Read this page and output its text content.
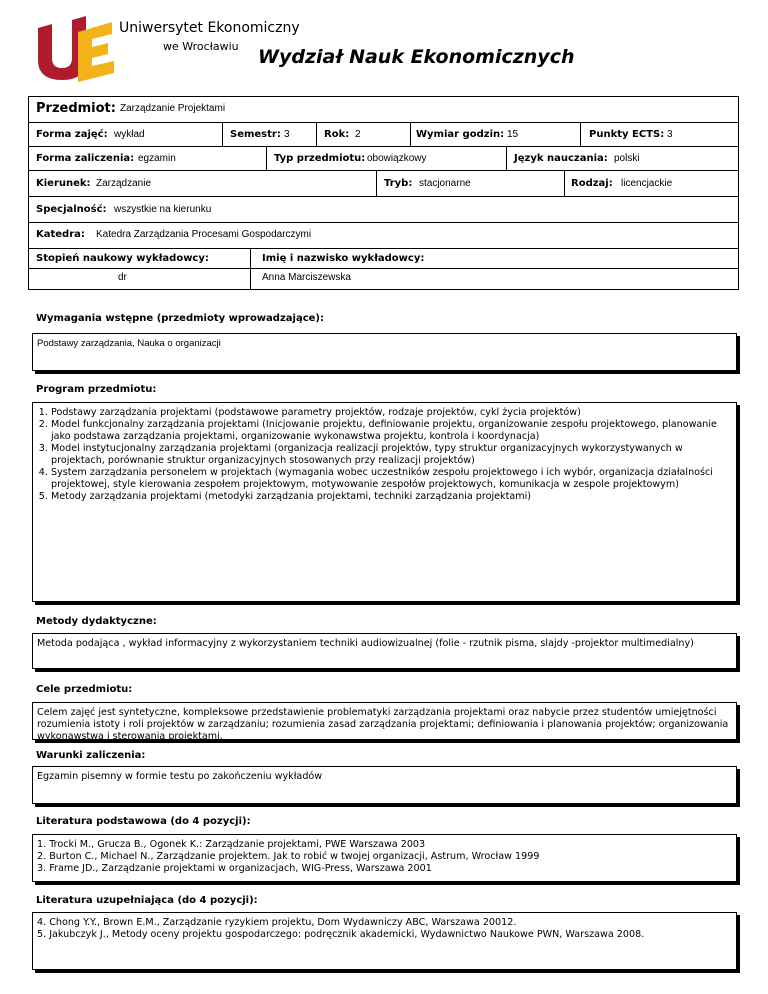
Uniwersytet Ekonomiczny
we Wrocławiu Wydział Nauk Ekonomicznych
Przedmiot: Zarządzanie Projektami
Forma zajęć: wykład	Semestr: 3	Rok: 2	Wymiar godzin: 15	Punkty ECTS: 3
Forma zaliczenia: egzamin	Typ przedmiotu: obowiązkowy	Język nauczania: polski
Kierunek: Zarządzanie	Tryb: stacjonarne	Rodzaj: licencjackie
Specjalność: wszystkie na kierunku
Katedra: Katedra Zarządzania Procesami Gospodarczymi
Stopień naukowy wykładowcy:	Imię i nazwisko wykładowcy:
dr	Anna Marciszewska
Wymagania wstępne (przedmioty wprowadzające):
Podstawy zarządzania, Nauka o organizacji
Program przedmiotu:
1. Podstawy zarządzania projektami (podstawowe parametry projektów, rodzaje projektów, cykl życia projektów)
2. Model funkcjonalny zarządzania projektami (Inicjowanie projektu, definiowanie projektu, organizowanie zespołu projektowego, planowanie jako podstawa zarządzania projektami, organizowanie wykonawstwa projektu, kontrola i koordynacja)
3. Model instytucjonalny zarządzania projektami (organizacja realizacji projektów, typy struktur organizacyjnych wykorzystywanych w projektach, porównanie struktur organizacyjnych stosowanych przy realizacji projektów)
4. System zarządzania personelem w projektach (wymagania wobec uczestników zespołu projektowego i ich wybór, organizacja działalności projektowej, style kierowania zespołem projektowym, motywowanie zespołów projektowych, komunikacja w zespole projektowym)
5. Metody zarządzania projektami (metodyki zarządzania projektami, techniki zarządzania projektami)
Metody dydaktyczne:
Metoda podająca , wykład informacyjny z wykorzystaniem techniki audiowizualnej (folie - rzutnik pisma, slajdy -projektor multimedialny)
Cele przedmiotu:
Celem zajęć jest syntetyczne, kompleksowe przedstawienie problematyki zarządzania projektami oraz nabycie przez studentów umiejętności rozumienia istoty i roli projektów w zarządzaniu; rozumienia zasad zarządzania projektami; definiowania i planowania projektów; organizowania wykonawstwa i sterowania projektami.
Warunki zaliczenia:
Egzamin pisemny w formie testu po zakończeniu wykładów
Literatura podstawowa (do 4 pozycji):
1. Trocki M., Grucza B., Ogonek K.: Zarządzanie projektami, PWE Warszawa 2003
2. Burton C., Michael N., Zarządzanie projektem. Jak to robić w twojej organizacji, Astrum, Wrocław 1999
3. Frame JD., Zarządzanie projektami w organizacjach, WIG-Press, Warszawa 2001
Literatura uzupełniająca (do 4 pozycji):
4. Chong Y.Y., Brown E.M., Zarządzanie ryzykiem projektu, Dom Wydawniczy ABC, Warszawa 20012.
5. Jakubczyk J., Metody oceny projektu gospodarczego: podręcznik akademicki, Wydawnictwo Naukowe PWN, Warszawa 2008.
